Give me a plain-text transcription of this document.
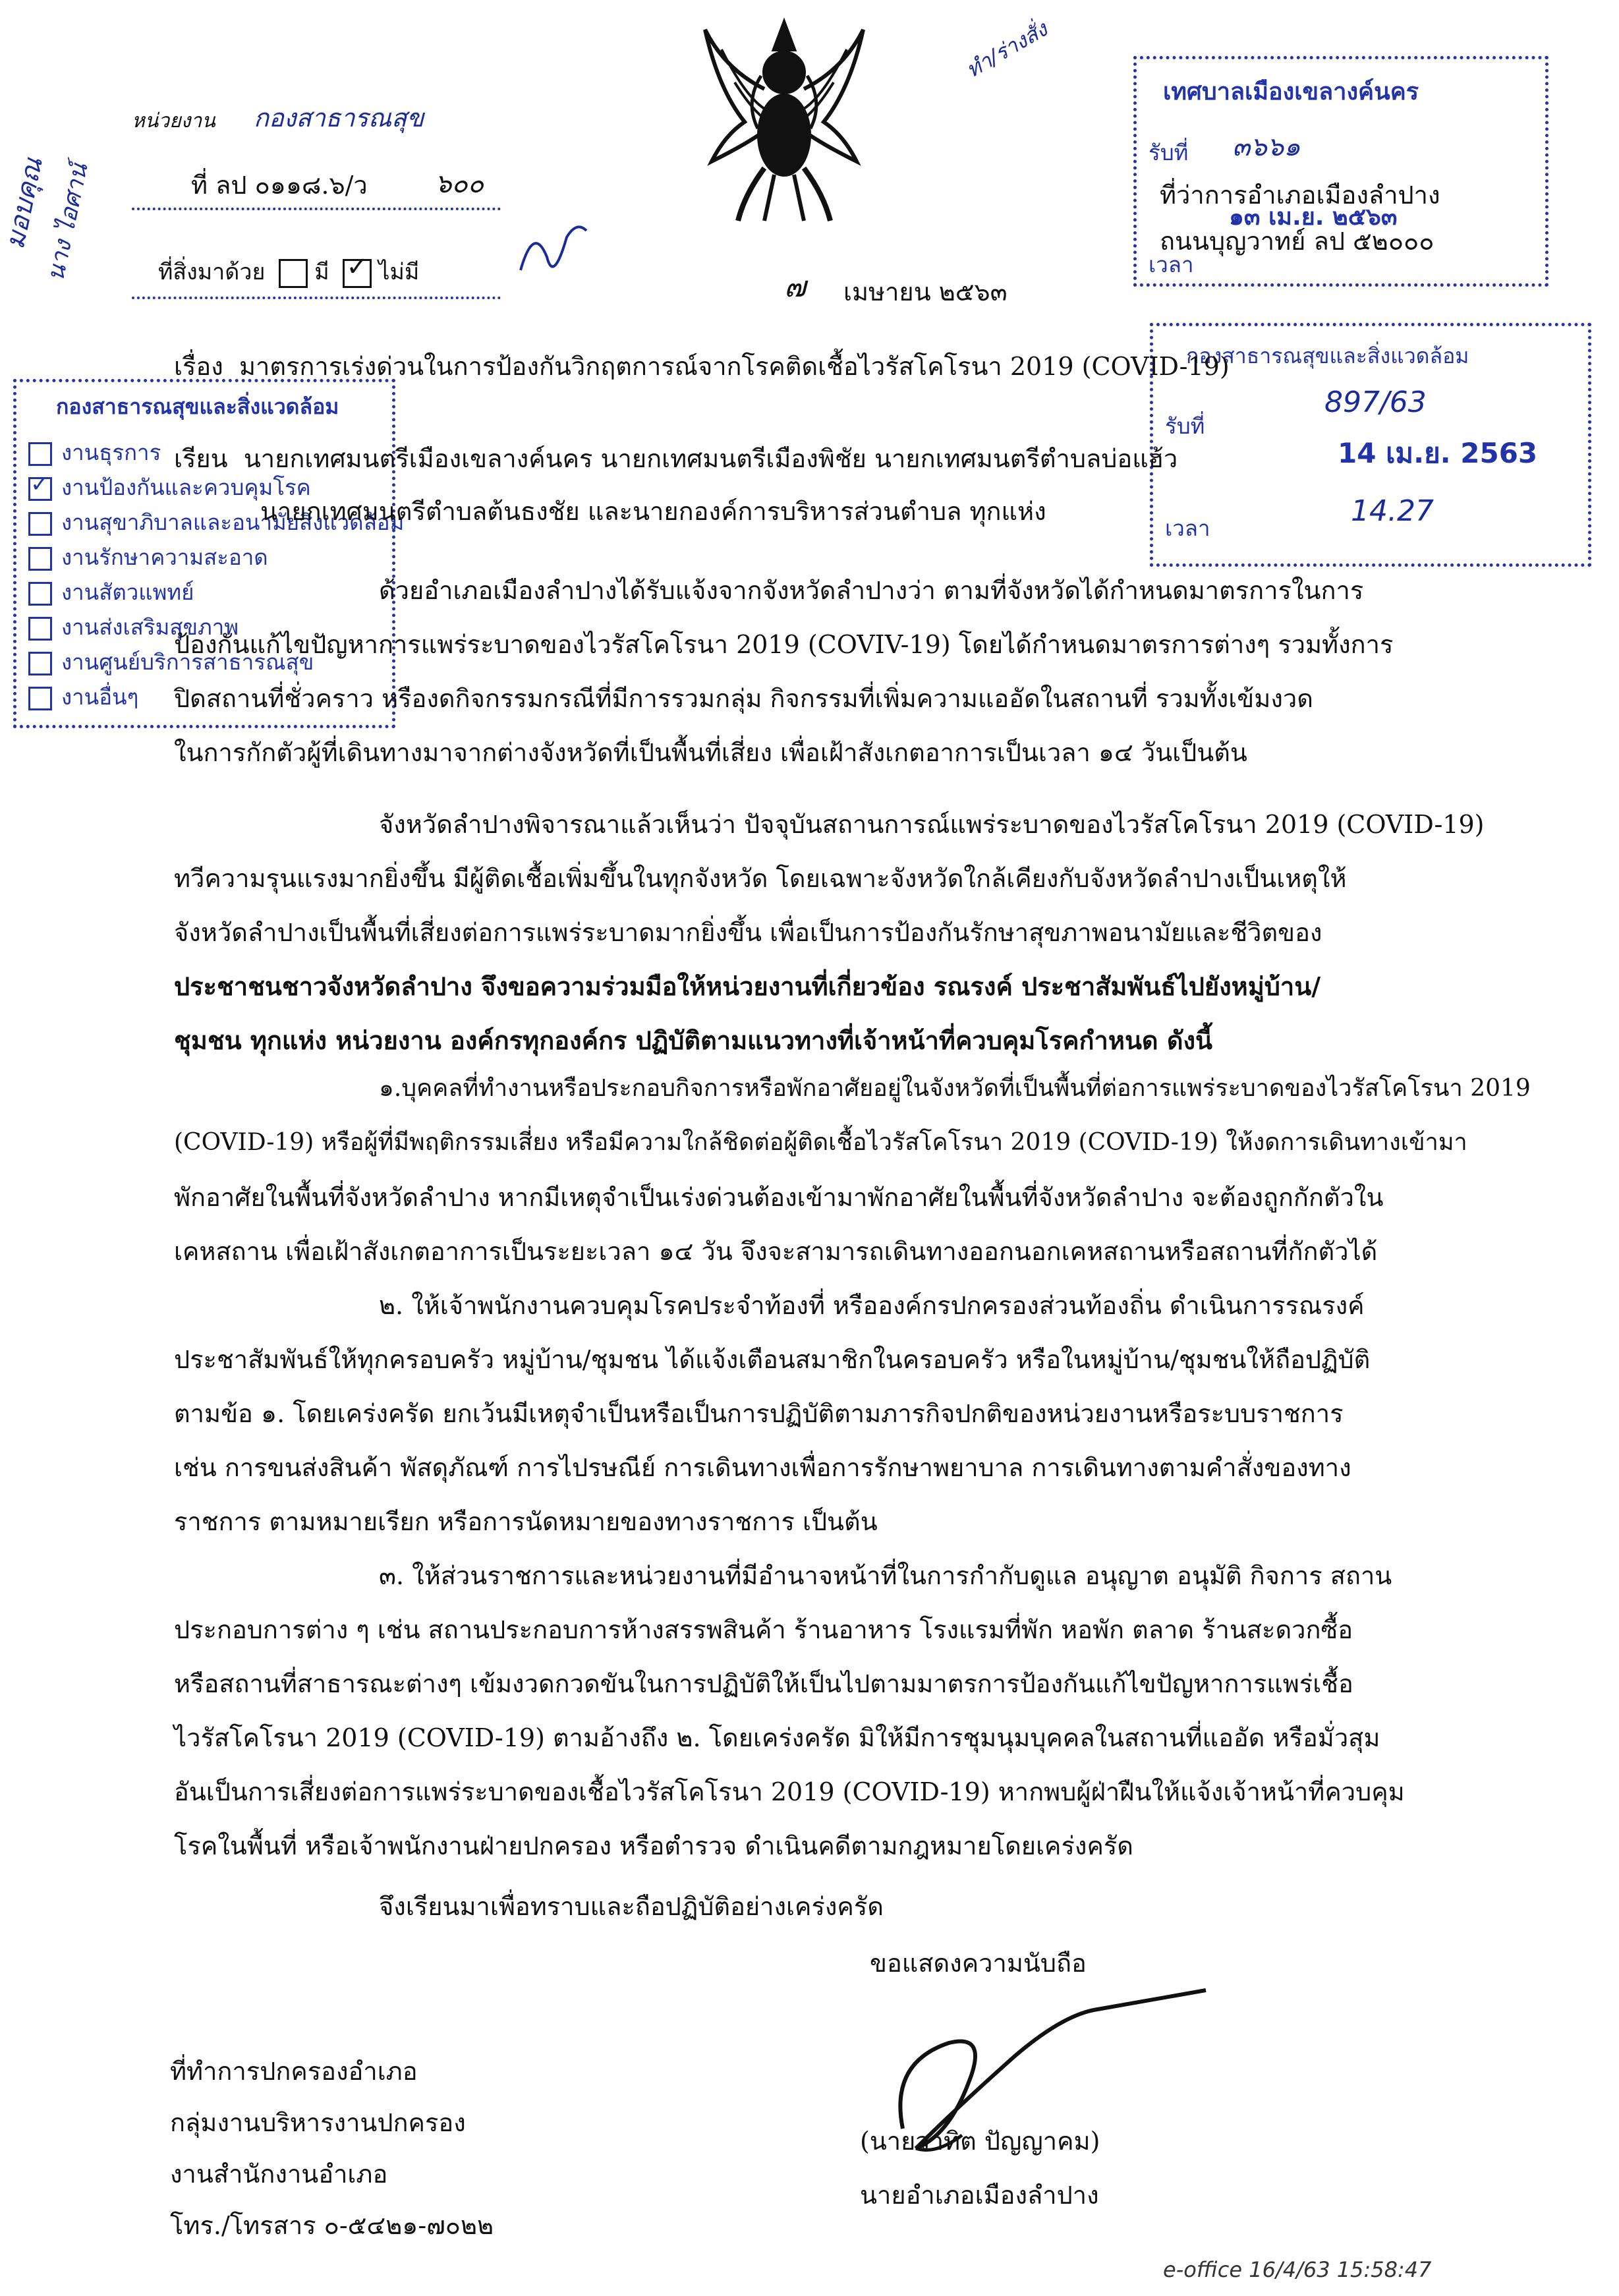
หน่วยงาน กองสาธารณสุข
ที่ ลป ๐๑๑๘.๖/ว	๖๐๐
ที่สิ่งมาด้วย มี ✓ ไม่มี
มอบคุณ
นาง ไอศาน์
ทำ/ร่างสั่ง
เทศบาลเมืองเขลางค์นคร
รับที่ ๓๖๖๑
๑๓ เม.ย. ๒๕๖๓
เวลา
ที่ว่าการอำเภอเมืองลำปาง
ถนนบุญวาทย์ ลป ๕๒๐๐๐
๗ เมษายน ๒๕๖๓
กองสาธารณสุขและสิ่งแวดล้อม
รับที่
897/63
14 เม.ย. 2563
เวลา
14.27
กองสาธารณสุขและสิ่งแวดล้อม
งานธุรการ
✓ งานป้องกันและควบคุมโรค
งานสุขาภิบาลและอนามัยสิ่งแวดล้อม
งานรักษาความสะอาด
งานสัตวแพทย์
งานส่งเสริมสุขภาพ
งานศูนย์บริการสาธารณสุข
งานอื่นๆ
เรื่อง มาตรการเร่งด่วนในการป้องกันวิกฤตการณ์จากโรคติดเชื้อไวรัสโคโรนา 2019 (COVID-19)
เรียน นายกเทศมนตรีเมืองเขลางค์นคร นายกเทศมนตรีเมืองพิชัย นายกเทศมนตรีตำบลบ่อแฮ้ว
นายกเทศมนตรีตำบลต้นธงชัย และนายกองค์การบริหารส่วนตำบล ทุกแห่ง
ด้วยอำเภอเมืองลำปางได้รับแจ้งจากจังหวัดลำปางว่า ตามที่จังหวัดได้กำหนดมาตรการในการ
ป้องกันแก้ไขปัญหาการแพร่ระบาดของไวรัสโคโรนา 2019 (COVIV-19) โดยได้กำหนดมาตรการต่างๆ รวมทั้งการ
ปิดสถานที่ชั่วคราว หรืองดกิจกรรมกรณีที่มีการรวมกลุ่ม กิจกรรมที่เพิ่มความแออัดในสถานที่ รวมทั้งเข้มงวด
ในการกักตัวผู้ที่เดินทางมาจากต่างจังหวัดที่เป็นพื้นที่เสี่ยง เพื่อเฝ้าสังเกตอาการเป็นเวลา ๑๔ วันเป็นต้น
จังหวัดลำปางพิจารณาแล้วเห็นว่า ปัจจุบันสถานการณ์แพร่ระบาดของไวรัสโคโรนา 2019 (COVID-19)
ทวีความรุนแรงมากยิ่งขึ้น มีผู้ติดเชื้อเพิ่มขึ้นในทุกจังหวัด โดยเฉพาะจังหวัดใกล้เคียงกับจังหวัดลำปางเป็นเหตุให้
จังหวัดลำปางเป็นพื้นที่เสี่ยงต่อการแพร่ระบาดมากยิ่งขึ้น เพื่อเป็นการป้องกันรักษาสุขภาพอนามัยและชีวิตของ
ประชาชนชาวจังหวัดลำปาง จึงขอความร่วมมือให้หน่วยงานที่เกี่ยวข้อง รณรงค์ ประชาสัมพันธ์ไปยังหมู่บ้าน/
ชุมชน ทุกแห่ง หน่วยงาน องค์กรทุกองค์กร ปฏิบัติตามแนวทางที่เจ้าหน้าที่ควบคุมโรคกำหนด ดังนี้
๑.บุคคลที่ทำงานหรือประกอบกิจการหรือพักอาศัยอยู่ในจังหวัดที่เป็นพื้นที่ต่อการแพร่ระบาดของไวรัสโคโรนา 2019
(COVID-19) หรือผู้ที่มีพฤติกรรมเสี่ยง หรือมีความใกล้ชิดต่อผู้ติดเชื้อไวรัสโคโรนา 2019 (COVID-19) ให้งดการเดินทางเข้ามา
พักอาศัยในพื้นที่จังหวัดลำปาง หากมีเหตุจำเป็นเร่งด่วนต้องเข้ามาพักอาศัยในพื้นที่จังหวัดลำปาง จะต้องถูกกักตัวใน
เคหสถาน เพื่อเฝ้าสังเกตอาการเป็นระยะเวลา ๑๔ วัน จึงจะสามารถเดินทางออกนอกเคหสถานหรือสถานที่กักตัวได้
๒. ให้เจ้าพนักงานควบคุมโรคประจำท้องที่ หรือองค์กรปกครองส่วนท้องถิ่น ดำเนินการรณรงค์
ประชาสัมพันธ์ให้ทุกครอบครัว หมู่บ้าน/ชุมชน ได้แจ้งเตือนสมาชิกในครอบครัว หรือในหมู่บ้าน/ชุมชนให้ถือปฏิบัติ
ตามข้อ ๑. โดยเคร่งครัด ยกเว้นมีเหตุจำเป็นหรือเป็นการปฏิบัติตามภารกิจปกติของหน่วยงานหรือระบบราชการ
เช่น การขนส่งสินค้า พัสดุภัณฑ์ การไปรษณีย์ การเดินทางเพื่อการรักษาพยาบาล การเดินทางตามคำสั่งของทาง
ราชการ ตามหมายเรียก หรือการนัดหมายของทางราชการ เป็นต้น
๓. ให้ส่วนราชการและหน่วยงานที่มีอำนาจหน้าที่ในการกำกับดูแล อนุญาต อนุมัติ กิจการ สถาน
ประกอบการต่าง ๆ เช่น สถานประกอบการห้างสรรพสินค้า ร้านอาหาร โรงแรมที่พัก หอพัก ตลาด ร้านสะดวกซื้อ
หรือสถานที่สาธารณะต่างๆ เข้มงวดกวดขันในการปฏิบัติให้เป็นไปตามมาตรการป้องกันแก้ไขปัญหาการแพร่เชื้อ
ไวรัสโคโรนา 2019 (COVID-19) ตามอ้างถึง ๒. โดยเคร่งครัด มิให้มีการชุมนุมบุคคลในสถานที่แออัด หรือมั่วสุม
อันเป็นการเสี่ยงต่อการแพร่ระบาดของเชื้อไวรัสโคโรนา 2019 (COVID-19) หากพบผู้ฝ่าฝืนให้แจ้งเจ้าหน้าที่ควบคุม
โรคในพื้นที่ หรือเจ้าพนักงานฝ่ายปกครอง หรือตำรวจ ดำเนินคดีตามกฎหมายโดยเคร่งครัด
จึงเรียนมาเพื่อทราบและถือปฏิบัติอย่างเคร่งครัด
ขอแสดงความนับถือ
(นายวาทิต ปัญญาคม)
นายอำเภอเมืองลำปาง
ที่ทำการปกครองอำเภอ
กลุ่มงานบริหารงานปกครอง
งานสำนักงานอำเภอ
โทร./โทรสาร ๐-๕๔๒๑-๗๐๒๒
e-office 16/4/63 15:58:47
